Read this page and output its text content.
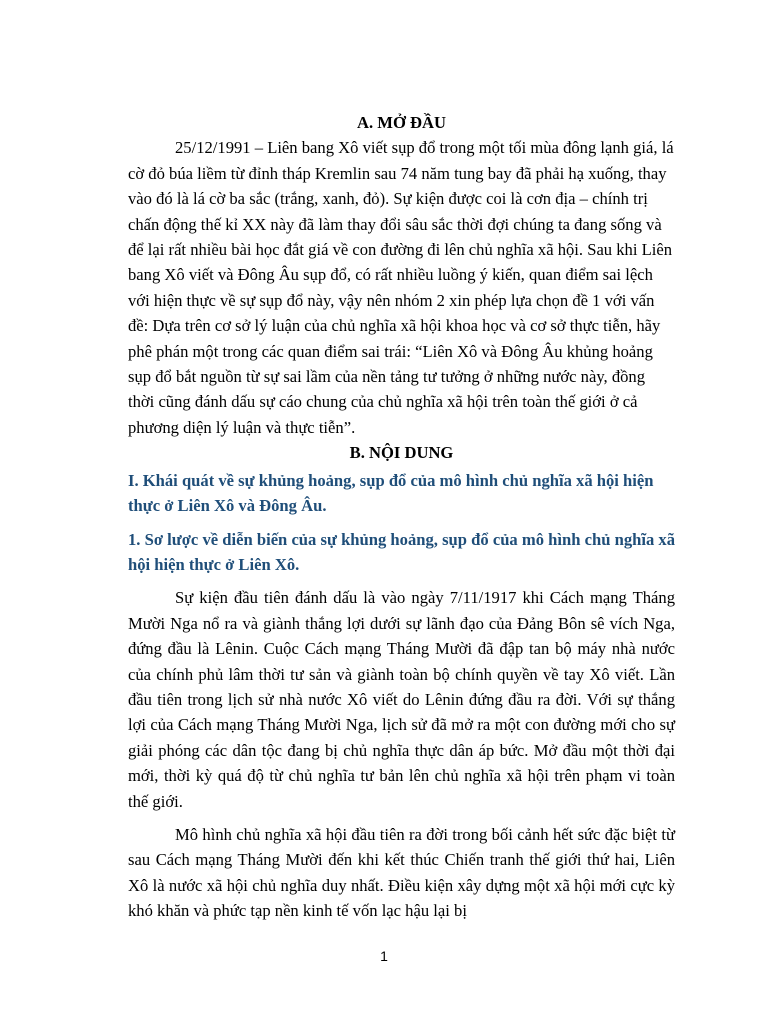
A. MỞ ĐẦU

25/12/1991 – Liên bang Xô viết sụp đổ trong một tối mùa đông lạnh giá, lá cờ đỏ búa liềm từ đỉnh tháp Kremlin sau 74 năm tung bay đã phải hạ xuống, thay vào đó là lá cờ ba sắc (trắng, xanh, đỏ). Sự kiện được coi là cơn địa – chính trị chấn động thế kỉ XX này đã làm thay đổi sâu sắc thời đợi chúng ta đang sống và để lại rất nhiều bài học đắt giá về con đường đi lên chủ nghĩa xã hội. Sau khi Liên bang Xô viết và Đông Âu sụp đổ, có rất nhiều luồng ý kiến, quan điểm sai lệch với hiện thực về sự sụp đổ này, vậy nên nhóm 2 xin phép lựa chọn đề 1 với vấn đề: Dựa trên cơ sở lý luận của chủ nghĩa xã hội khoa học và cơ sở thực tiễn, hãy phê phán một trong các quan điểm sai trái: “Liên Xô và Đông Âu khủng hoảng sụp đổ bắt nguồn từ sự sai lầm của nền tảng tư tưởng ở những nước này, đồng thời cũng đánh dấu sự cáo chung của chủ nghĩa xã hội trên toàn thế giới ở cả phương diện lý luận và thực tiễn”.

B. NỘI DUNG

I. Khái quát về sự khủng hoảng, sụp đổ của mô hình chủ nghĩa xã hội hiện thực ở Liên Xô và Đông Âu.

1. Sơ lược về diễn biến của sự khủng hoảng, sụp đổ của mô hình chủ nghĩa xã hội hiện thực ở Liên Xô.

Sự kiện đầu tiên đánh dấu là vào ngày 7/11/1917 khi Cách mạng Tháng Mười Nga nổ ra và giành thắng lợi dưới sự lãnh đạo của Đảng Bôn sê vích Nga, đứng đầu là Lênin. Cuộc Cách mạng Tháng Mười đã đập tan bộ máy nhà nước của chính phủ lâm thời tư sản và giành toàn bộ chính quyền về tay Xô viết. Lần đầu tiên trong lịch sử nhà nước Xô viết do Lênin đứng đầu ra đời. Với sự thắng lợi của Cách mạng Tháng Mười Nga, lịch sử đã mở ra một con đường mới cho sự giải phóng các dân tộc đang bị chủ nghĩa thực dân áp bức. Mở đầu một thời đại mới, thời kỳ quá độ từ chủ nghĩa tư bản lên chủ nghĩa xã hội trên phạm vi toàn thế giới.

Mô hình chủ nghĩa xã hội đầu tiên ra đời trong bối cảnh hết sức đặc biệt từ sau Cách mạng Tháng Mười đến khi kết thúc Chiến tranh thế giới thứ hai, Liên Xô là nước xã hội chủ nghĩa duy nhất. Điều kiện xây dựng một xã hội mới cực kỳ khó khăn và phức tạp nền kinh tế vốn lạc hậu lại bị

1
